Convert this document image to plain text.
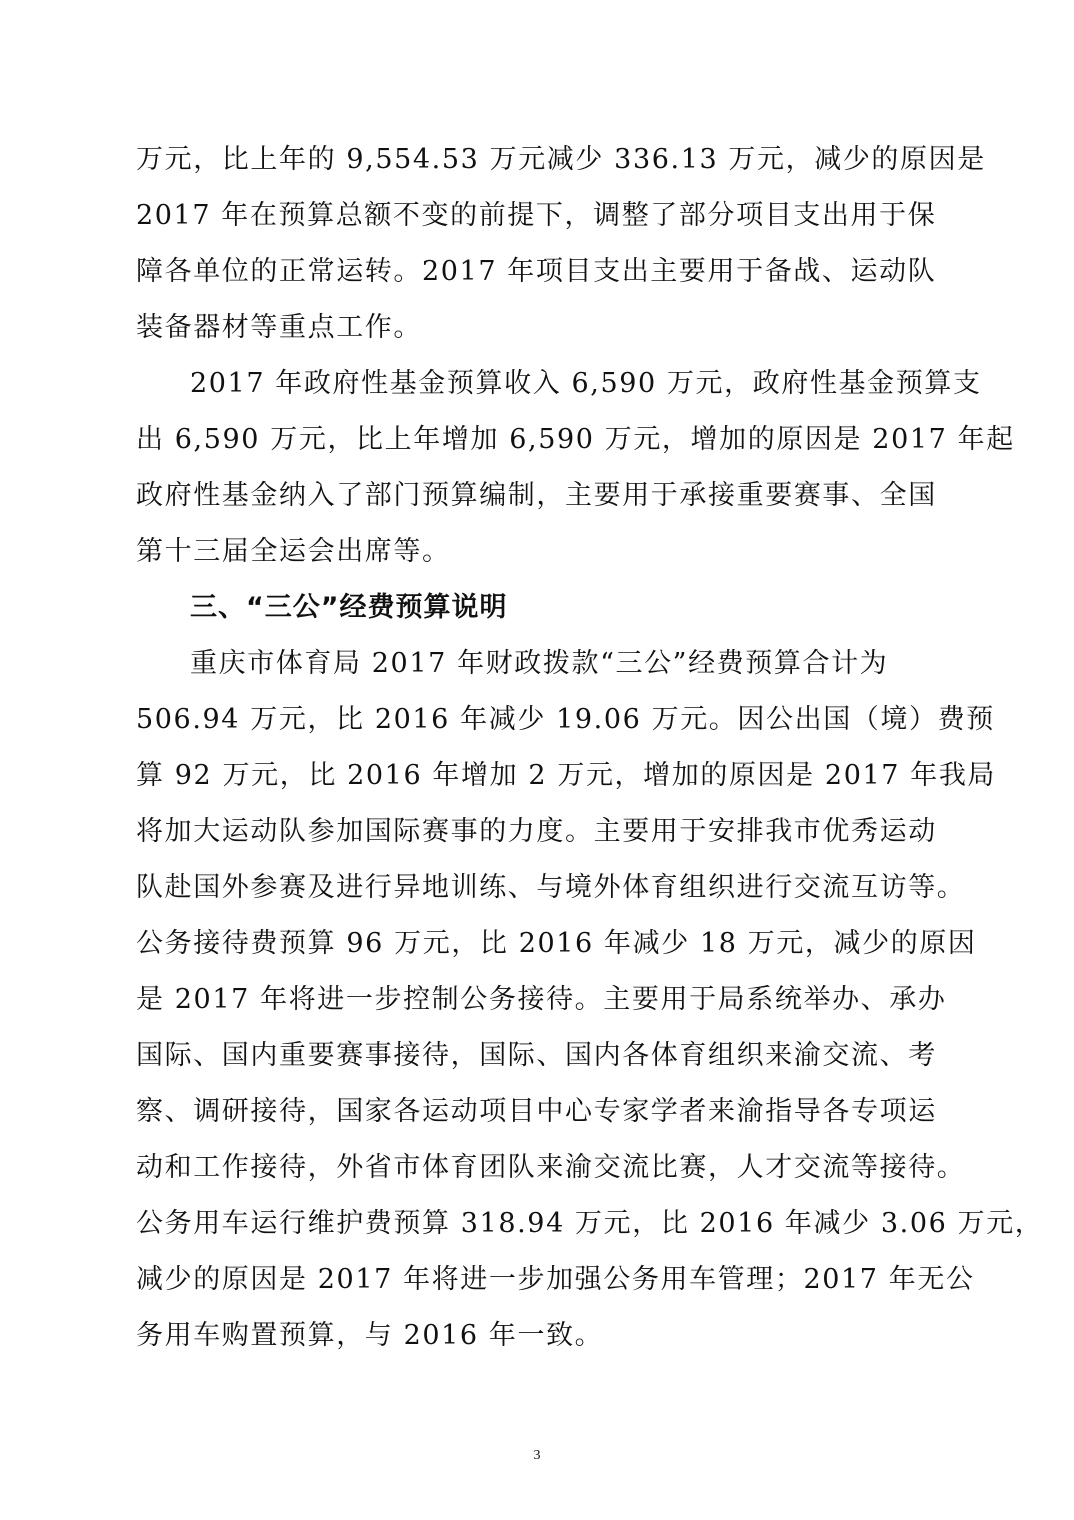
万元，比上年的 9,554.53 万元减少 336.13 万元，减少的原因是
2017 年在预算总额不变的前提下，调整了部分项目支出用于保
障各单位的正常运转。2017 年项目支出主要用于备战、运动队
装备器材等重点工作。
2017 年政府性基金预算收入 6,590 万元，政府性基金预算支
出 6,590 万元，比上年增加 6,590 万元，增加的原因是 2017 年起
政府性基金纳入了部门预算编制，主要用于承接重要赛事、全国
第十三届全运会出席等。
三、“三公”经费预算说明
重庆市体育局 2017 年财政拨款“三公”经费预算合计为
506.94 万元，比 2016 年减少 19.06 万元。因公出国（境）费预
算 92 万元，比 2016 年增加 2 万元，增加的原因是 2017 年我局
将加大运动队参加国际赛事的力度。主要用于安排我市优秀运动
队赴国外参赛及进行异地训练、与境外体育组织进行交流互访等。
公务接待费预算 96 万元，比 2016 年减少 18 万元，减少的原因
是 2017 年将进一步控制公务接待。主要用于局系统举办、承办
国际、国内重要赛事接待，国际、国内各体育组织来渝交流、考
察、调研接待，国家各运动项目中心专家学者来渝指导各专项运
动和工作接待，外省市体育团队来渝交流比赛，人才交流等接待。
公务用车运行维护费预算 318.94 万元，比 2016 年减少 3.06 万元，
减少的原因是 2017 年将进一步加强公务用车管理；2017 年无公
务用车购置预算，与 2016 年一致。
3
